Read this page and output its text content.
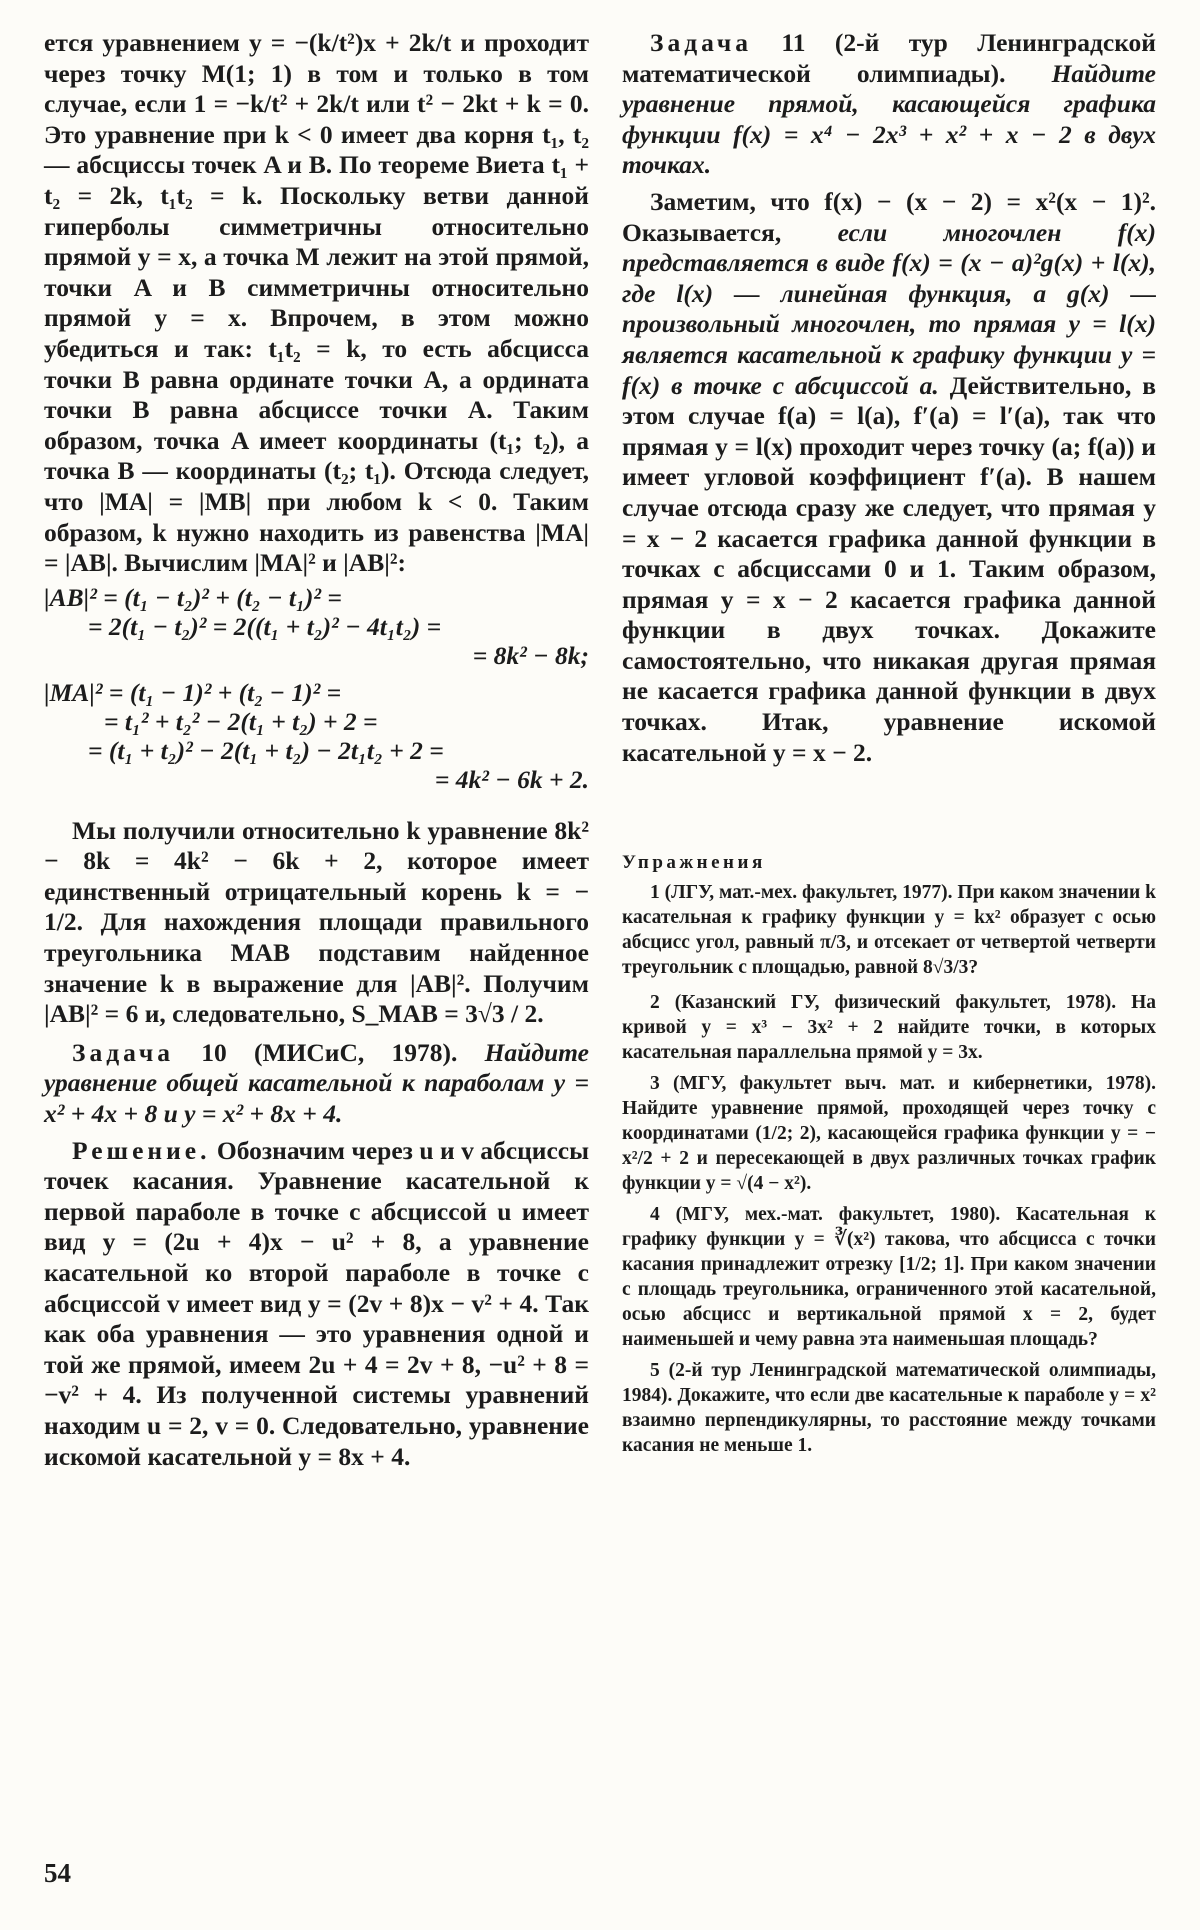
ется уравнением y = −(k/t²)x + 2k/t и проходит через точку M(1; 1) в том и только в том случае, если 1 = −k/t² + 2k/t или t² − 2kt + k = 0. Это уравнение при k < 0 имеет два корня t₁, t₂ — абсциссы точек A и B. По теореме Виета t₁ + t₂ = 2k, t₁t₂ = k. Поскольку ветви данной гиперболы симметричны относительно прямой y = x, а точка M лежит на этой прямой, точки A и B симметричны относительно прямой y = x. Впрочем, в этом можно убедиться и так: t₁t₂ = k, то есть абсцисса точки B равна ординате точки A, а ордината точки B равна абсциссе точки A. Таким образом, точка A имеет координаты (t₁; t₂), а точка B — координаты (t₂; t₁). Отсюда следует, что |MA| = |MB| при любом k < 0. Таким образом, k нужно находить из равенства |MA| = |AB|. Вычислим |MA|² и |AB|²:

|AB|² = (t₁ − t₂)² + (t₂ − t₁)² =

= 2(t₁ − t₂)² = 2((t₁ + t₂)² − 4t₁t₂) =

= 8k² − 8k;

|MA|² = (t₁ − 1)² + (t₂ − 1)² =

= t₁² + t₂² − 2(t₁ + t₂) + 2 =

= (t₁ + t₂)² − 2(t₁ + t₂) − 2t₁t₂ + 2 =

= 4k² − 6k + 2.

Мы получили относительно k уравнение 8k² − 8k = 4k² − 6k + 2, которое имеет единственный отрицательный корень k = − 1/2. Для нахождения площади правильного треугольника MAB подставим найденное значение k в выражение для |AB|². Получим |AB|² = 6 и, следовательно, S_MAB = 3√3 / 2.

Задача 10 (МИСиС, 1978). Найдите уравнение общей касательной к параболам y = x² + 4x + 8 и y = x² + 8x + 4.

Решение. Обозначим через u и v абсциссы точек касания. Уравнение касательной к первой параболе в точке с абсциссой u имеет вид y = (2u + 4)x − u² + 8, а уравнение касательной ко второй параболе в точке с абсциссой v имеет вид y = (2v + 8)x − v² + 4. Так как оба уравнения — это уравнения одной и той же прямой, имеем 2u + 4 = 2v + 8, −u² + 8 = −v² + 4. Из полученной системы уравнений находим u = 2, v = 0. Следовательно, уравнение искомой касательной y = 8x + 4.

Задача 11 (2-й тур Ленинградской математической олимпиады). Найдите уравнение прямой, касающейся графика функции f(x) = x⁴ − 2x³ + x² + x − 2 в двух точках.

Заметим, что f(x) − (x − 2) = x²(x − 1)². Оказывается, если многочлен f(x) представляется в виде f(x) = (x − a)²g(x) + l(x), где l(x) — линейная функция, а g(x) — произвольный многочлен, то прямая y = l(x) является касательной к графику функции y = f(x) в точке с абсциссой a. Действительно, в этом случае f(a) = l(a), f′(a) = l′(a), так что прямая y = l(x) проходит через точку (a; f(a)) и имеет угловой коэффициент f′(a). В нашем случае отсюда сразу же следует, что прямая y = x − 2 касается графика данной функции в точках с абсциссами 0 и 1. Таким образом, прямая y = x − 2 касается графика данной функции в двух точках. Докажите самостоятельно, что никакая другая прямая не касается графика данной функции в двух точках. Итак, уравнение искомой касательной y = x − 2.

Упражнения

1 (ЛГУ, мат.-мех. факультет, 1977). При каком значении k касательная к графику функции y = kx² образует с осью абсцисс угол, равный π/3, и отсекает от четвертой четверти треугольник с площадью, равной 8√3/3?

2 (Казанский ГУ, физический факультет, 1978). На кривой y = x³ − 3x² + 2 найдите точки, в которых касательная параллельна прямой y = 3x.

3 (МГУ, факультет выч. мат. и кибернетики, 1978). Найдите уравнение прямой, проходящей через точку с координатами (1/2; 2), касающейся графика функции y = − x²/2 + 2 и пересекающей в двух различных точках график функции y = √(4 − x²).

4 (МГУ, мех.-мат. факультет, 1980). Касательная к графику функции y = ∛(x²) такова, что абсцисса c точки касания принадлежит отрезку [1/2; 1]. При каком значении c площадь треугольника, ограниченного этой касательной, осью абсцисс и вертикальной прямой x = 2, будет наименьшей и чему равна эта наименьшая площадь?

5 (2-й тур Ленинградской математической олимпиады, 1984). Докажите, что если две касательные к параболе y = x² взаимно перпендикулярны, то расстояние между точками касания не меньше 1.

54
